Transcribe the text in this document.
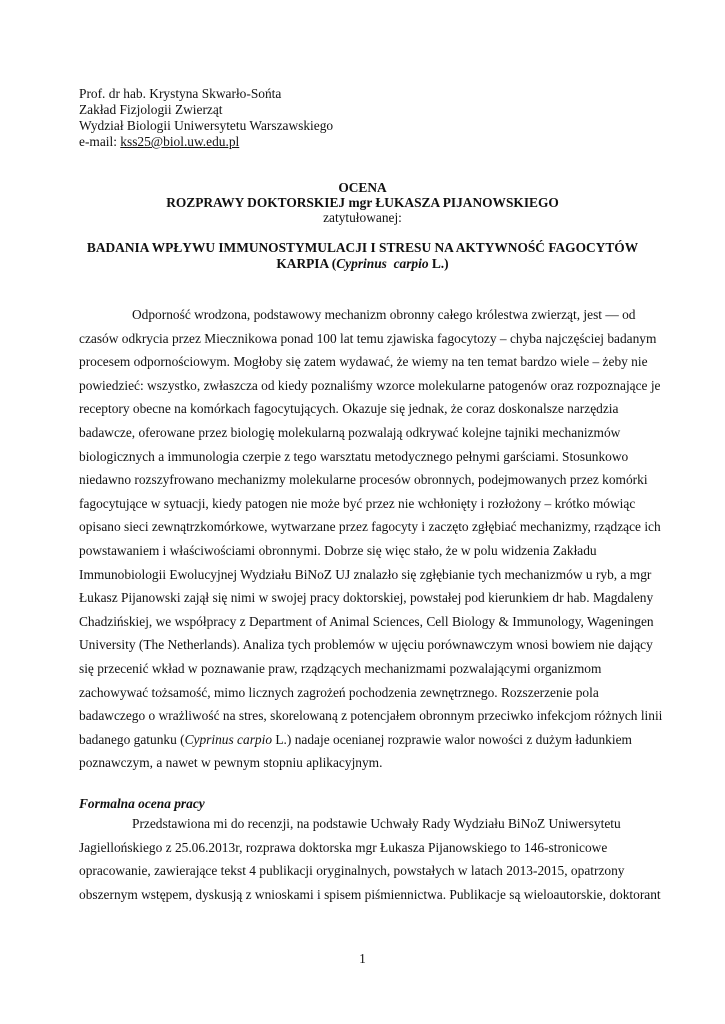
Prof. dr hab. Krystyna Skwarło-Sońta
Zakład Fizjologii Zwierząt
Wydział Biologii Uniwersytetu Warszawskiego
e-mail: kss25@biol.uw.edu.pl
OCENA
ROZPRAWY DOKTORSKIEJ mgr ŁUKASZA PIJANOWSKIEGO
zatytułowanej:
BADANIA WPŁYWU IMMUNOSTYMULACJI I STRESU NA AKTYWNOŚĆ FAGOCYTÓW
KARPIA (Cyprinus carpio L.)
Odporność wrodzona, podstawowy mechanizm obronny całego królestwa zwierząt, jest — od
czasów odkrycia przez Miecznikowa ponad 100 lat temu zjawiska fagocytozy – chyba najczęściej badanym
procesem odpornościowym. Mogłoby się zatem wydawać, że wiemy na ten temat bardzo wiele – żeby nie
powiedzieć: wszystko, zwłaszcza od kiedy poznaliśmy wzorce molekularne patogenów oraz rozpoznające je
receptory obecne na komórkach fagocytujących. Okazuje się jednak, że coraz doskonalsze narzędzia
badawcze, oferowane przez biologię molekularną pozwalają odkrywać kolejne tajniki mechanizmów
biologicznych a immunologia czerpie z tego warsztatu metodycznego pełnymi garściami. Stosunkowo
niedawno rozszyfrowano mechanizmy molekularne procesów obronnych, podejmowanych przez komórki
fagocytujące w sytuacji, kiedy patogen nie może być przez nie wchłonięty i rozłożony – krótko mówiąc
opisano sieci zewnątrzkomórkowe, wytwarzane przez fagocyty i zaczęto zgłębiać mechanizmy, rządzące ich
powstawaniem i właściwościami obronnymi. Dobrze się więc stało, że w polu widzenia Zakładu
Immunobiologii Ewolucyjnej Wydziału BiNoZ UJ znalazło się zgłębianie tych mechanizmów u ryb, a mgr
Łukasz Pijanowski zajął się nimi w swojej pracy doktorskiej, powstałej pod kierunkiem dr hab. Magdaleny
Chadzińskiej, we współpracy z Department of Animal Sciences, Cell Biology & Immunology, Wageningen
University (The Netherlands). Analiza tych problemów w ujęciu porównawczym wnosi bowiem nie dający
się przecenić wkład w poznawanie praw, rządzących mechanizmami pozwalającymi organizmom
zachowywać tożsamość, mimo licznych zagrożeń pochodzenia zewnętrznego. Rozszerzenie pola
badawczego o wrażliwość na stres, skorelowaną z potencjałem obronnym przeciwko infekcjom różnych linii
badanego gatunku (Cyprinus carpio L.) nadaje ocenianej rozprawie walor nowości z dużym ładunkiem
poznawczym, a nawet w pewnym stopniu aplikacyjnym.
Formalna ocena pracy
Przedstawiona mi do recenzji, na podstawie Uchwały Rady Wydziału BiNoZ Uniwersytetu
Jagiellońskiego z 25.06.2013r, rozprawa doktorska mgr Łukasza Pijanowskiego to 146-stronicowe
opracowanie, zawierające tekst 4 publikacji oryginalnych, powstałych w latach 2013-2015, opatrzony
obszernym wstępem, dyskusją z wnioskami i spisem piśmiennictwa. Publikacje są wieloautorskie, doktorant
1
